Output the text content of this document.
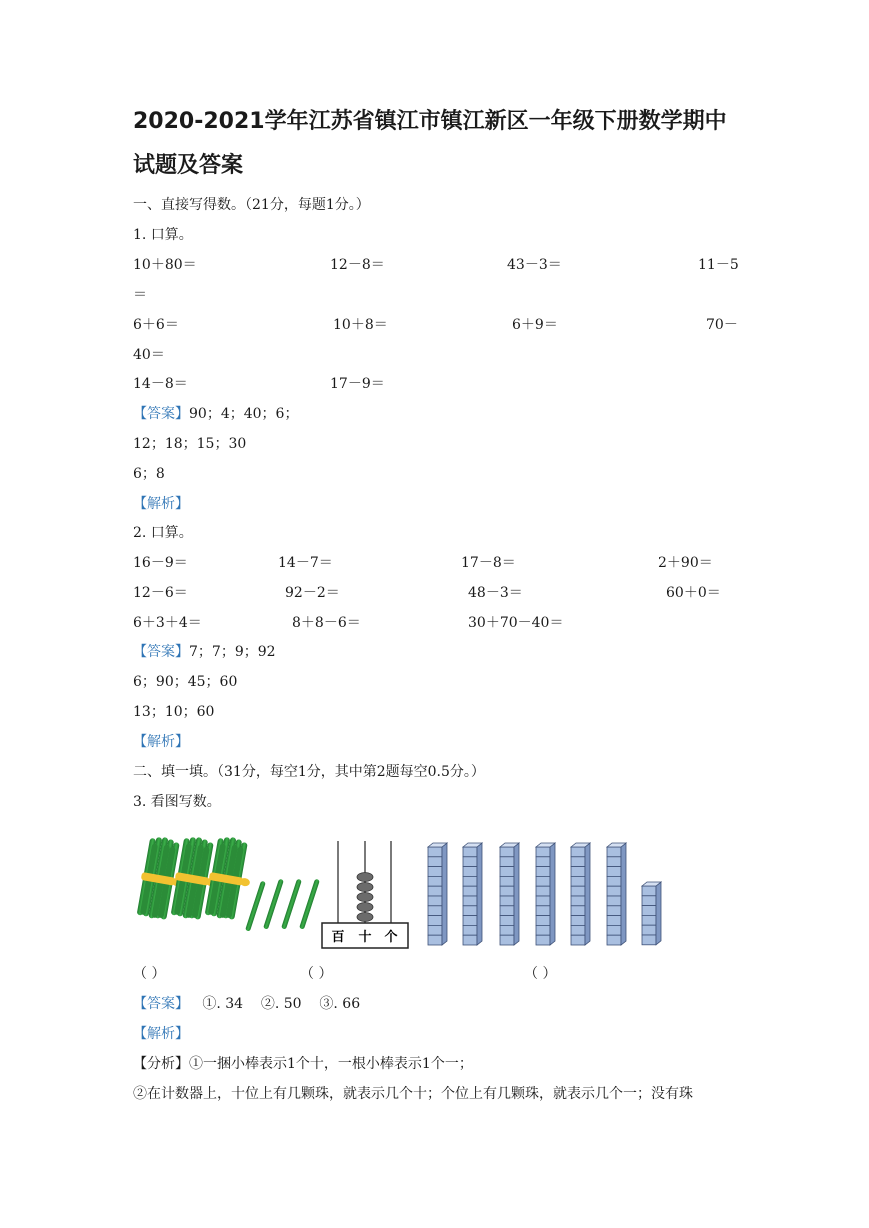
2020-2021学年江苏省镇江市镇江新区一年级下册数学期中
试题及答案
一、直接写得数。（21分，每题1分。）
1. 口算。
10＋80＝	12－8＝	43－3＝	11－5
＝
6＋6＝	10＋8＝	6＋9＝	70－
40＝
14－8＝	17－9＝
【答案】90；4；40；6；
12；18；15；30
6；8
【解析】
2. 口算。
16－9＝	14－7＝	17－8＝	2＋90＝
12－6＝	92－2＝	48－3＝	60＋0＝
6＋3＋4＝	8＋8－6＝	30＋70－40＝
【答案】7；7；9；92
6；90；45；60
13；10；60
【解析】
二、填一填。（31分，每空1分，其中第2题每空0.5分。）
3. 看图写数。
百 十 个
（ ）	（ ）	（ ）
【答案】   ①. 34    ②. 50    ③. 66
【解析】
【分析】①一捆小棒表示1个十，一根小棒表示1个一；
②在计数器上，十位上有几颗珠，就表示几个十；个位上有几颗珠，就表示几个一；没有珠
